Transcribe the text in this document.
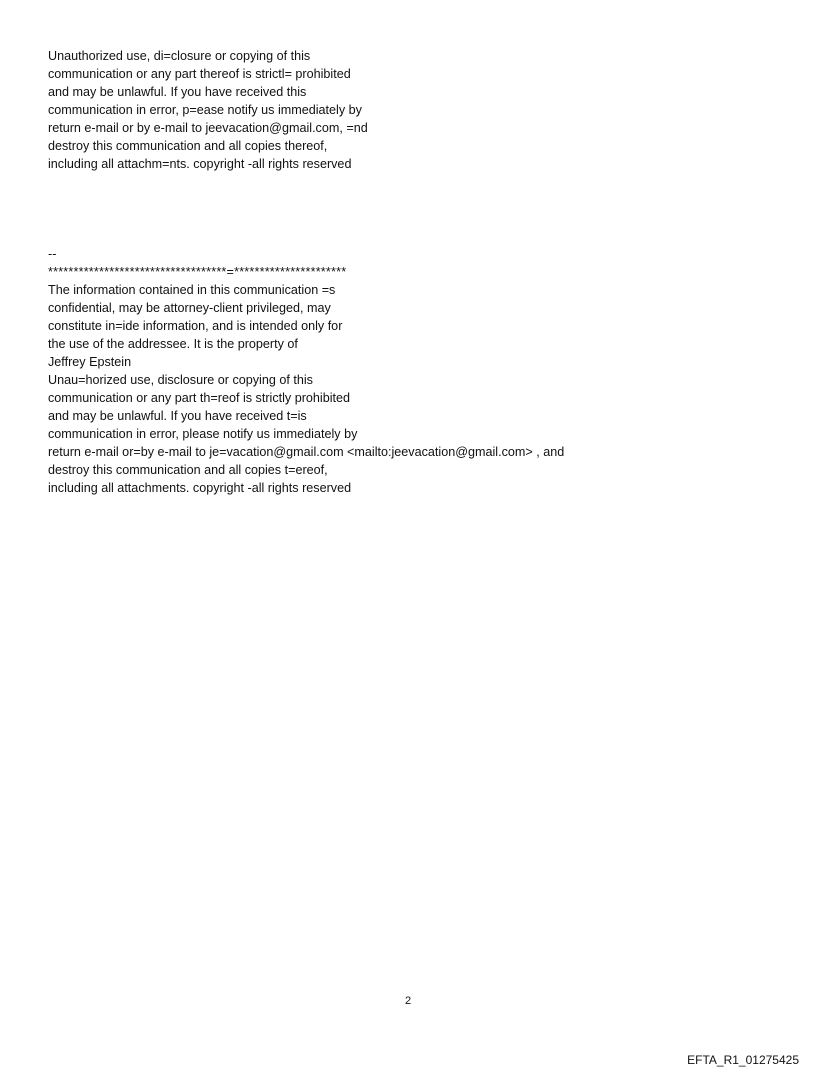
Unauthorized use, di=closure or copying of this
communication or any part thereof is strictl= prohibited
and may be unlawful. If you have received this
communication in error, p=ease notify us immediately by
return e-mail or by e-mail to jeevacation@gmail.com, =nd
destroy this communication and all copies thereof,
including all attachm=nts. copyright -all rights reserved
--
***********************************=**********************
The information contained in this communication =s
confidential, may be attorney-client privileged, may
constitute in=ide information, and is intended only for
the use of the addressee. It is the property of
Jeffrey Epstein
Unau=horized use, disclosure or copying of this
communication or any part th=reof is strictly prohibited
and may be unlawful. If you have received t=is
communication in error, please notify us immediately by
return e-mail or=by e-mail to je=vacation@gmail.com <mailto:jeevacation@gmail.com> , and
destroy this communication and all copies t=ereof,
including all attachments. copyright -all rights reserved
2
EFTA_R1_01275425
